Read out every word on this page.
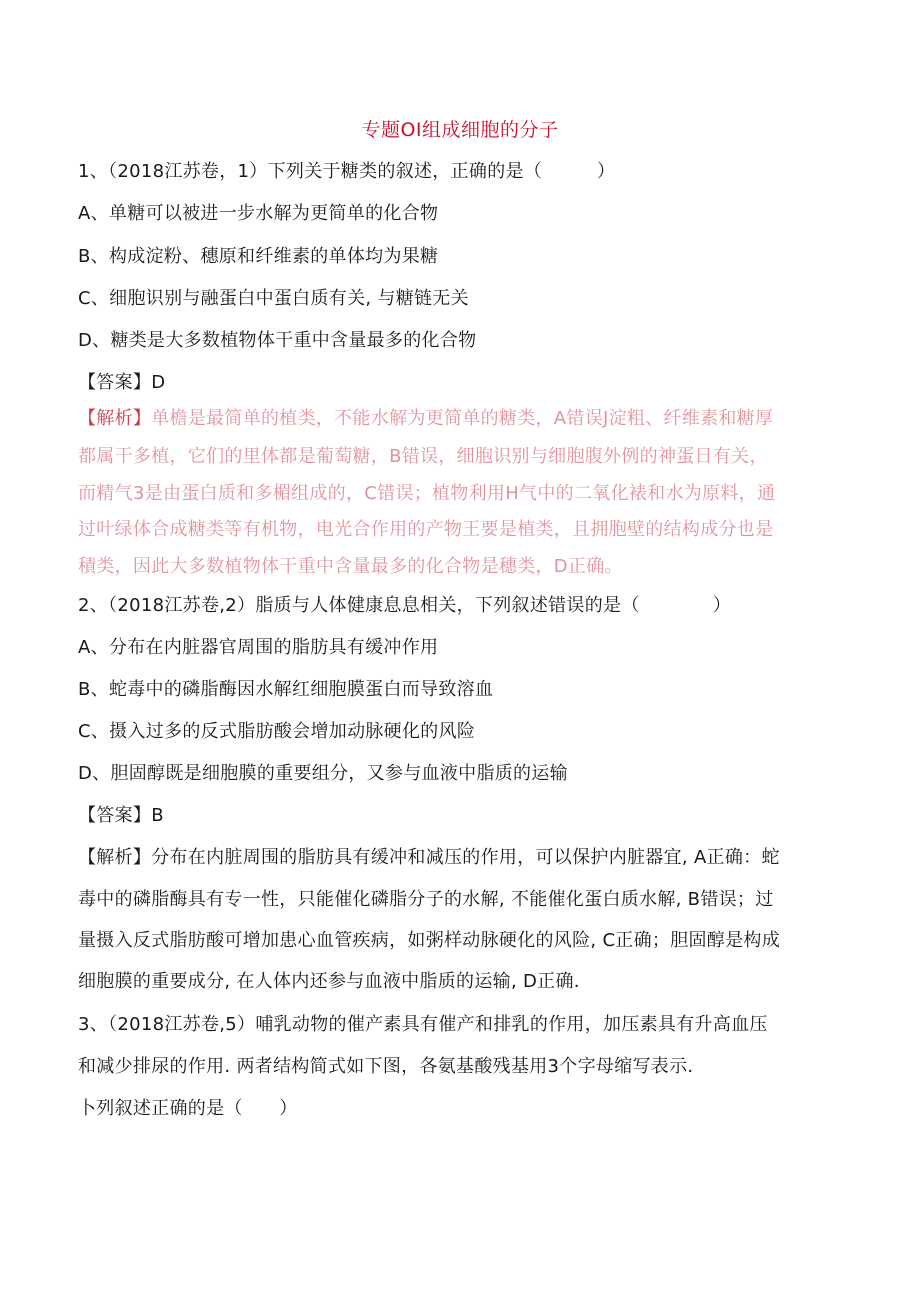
专题OI组成细胞的分子
1、（2018江苏卷，1）下列关于糖类的叙述，正确的是（　　　）
A、单糖可以被进一步水解为更简单的化合物
B、构成淀粉、穗原和纤维素的单体均为果糖
C、细胞识别与融蛋白中蛋白质有关, 与糖链无关
D、糖类是大多数植物体干重中含量最多的化合物
【答案】D
【解析】单檐是最简单的植类，不能水解为更简单的糖类，A错误J淀粗、纤维素和糖厚
都属干多植，它们的里体都是葡萄糖，B错误，细胞识别与细胞腹外例的神蛋日有关，
而精气3是由蛋白质和多楣组成的，C错误；植物利用H气中的二氧化裱和水为原料，通
过叶绿体合成糖类等有机物，电光合作用的产物王要是植类，且拥胞壁的结构成分也是
積类，因此大多数植物体干重中含量最多的化合物是穗类，D正确。
2、（2018江苏卷,2）脂质与人体健康息息相关，下列叙述错误的是（　　　　）
A、分布在内脏器官周围的脂肪具有缓冲作用
B、蛇毒中的磷脂酶因水解红细胞膜蛋白而导致溶血
C、摄入过多的反式脂肪酸会增加动脉硬化的风险
D、胆固醇既是细胞膜的重要组分，又参与血液中脂质的运输
【答案】B
【解析】分布在内脏周围的脂肪具有缓冲和减压的作用，可以保护内脏器宜, A正确：蛇
毒中的磷脂酶具有专一性，只能催化磷脂分子的水解, 不能催化蛋白质水解, B错误；过
量摄入反式脂肪酸可增加患心血管疾病，如粥样动脉硬化的风险, C正确；胆固醇是构成
细胞膜的重要成分, 在人体内还参与血液中脂质的运输, D正确.
3、（2018江苏卷,5）哺乳动物的催产素具有催产和排乳的作用，加压素具有升高血压
和减少排尿的作用. 两者结构简式如下图，各氨基酸残基用3个字母缩写表示.
卜列叙述正确的是（　　）
